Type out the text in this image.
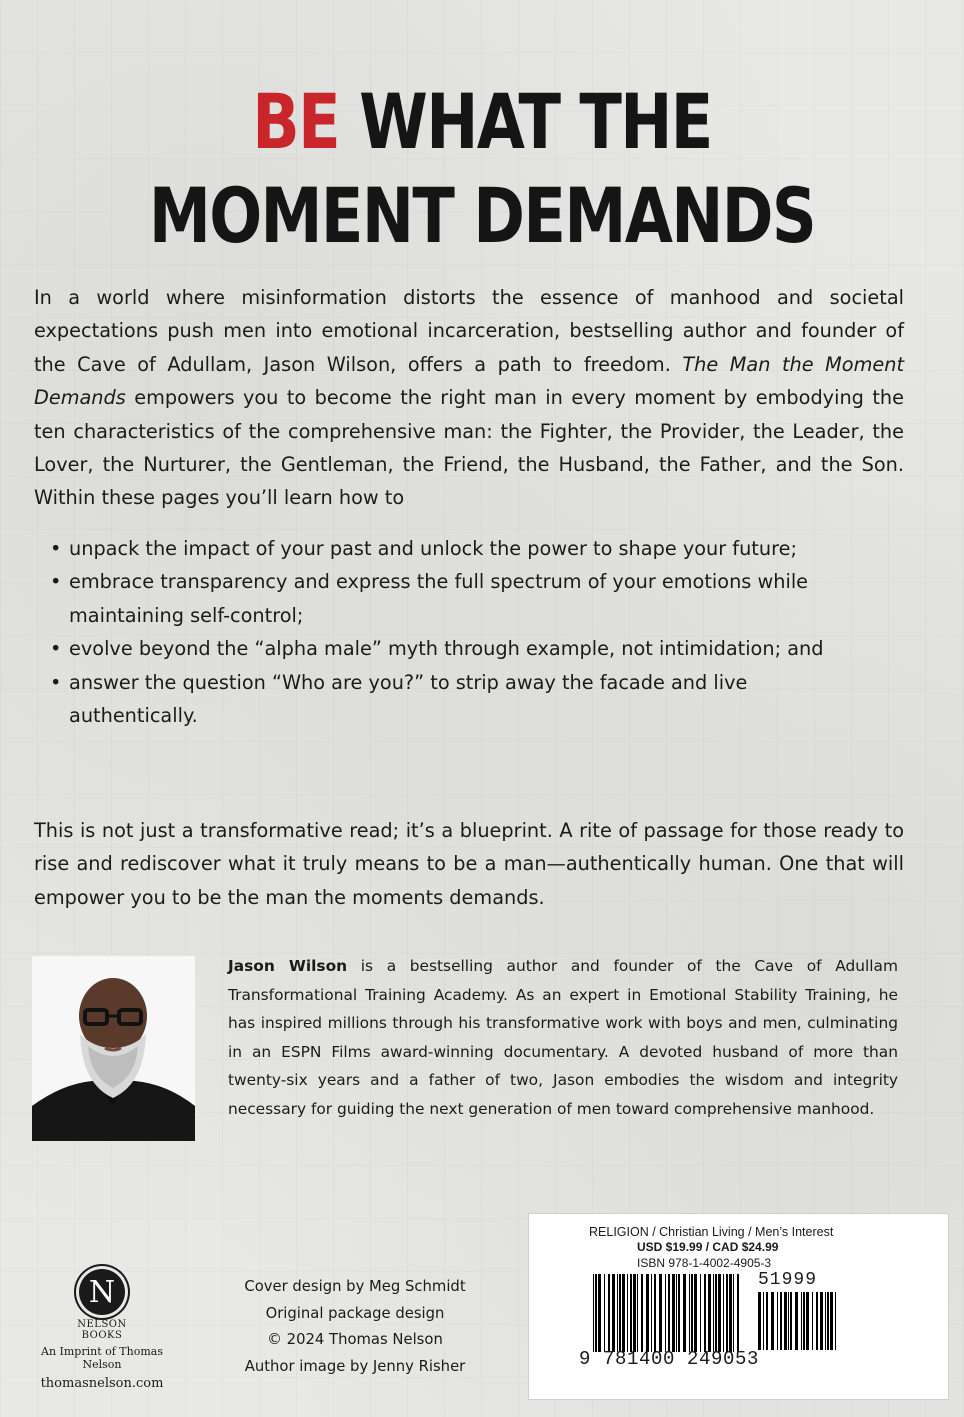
BE WHAT THE
MOMENT DEMANDS

In a world where misinformation distorts the essence of manhood and societal expectations push men into emotional incarceration, bestselling author and founder of the Cave of Adullam, Jason Wilson, offers a path to freedom. The Man the Moment Demands empowers you to become the right man in every moment by embodying the ten characteristics of the comprehensive man: the Fighter, the Provider, the Leader, the Lover, the Nurturer, the Gentleman, the Friend, the Husband, the Father, and the Son. Within these pages you’ll learn how to

• unpack the impact of your past and unlock the power to shape your future;
• embrace transparency and express the full spectrum of your emotions while maintaining self-control;
• evolve beyond the “alpha male” myth through example, not intimidation; and
• answer the question “Who are you?” to strip away the facade and live authentically.

This is not just a transformative read; it’s a blueprint. A rite of passage for those ready to rise and rediscover what it truly means to be a man—authentically human. One that will empower you to be the man the moments demands.

Jason Wilson is a bestselling author and founder of the Cave of Adullam Transformational Training Academy. As an expert in Emotional Stability Training, he has inspired millions through his transformative work with boys and men, culminating in an ESPN Films award-winning documentary. A devoted husband of more than twenty-six years and a father of two, Jason embodies the wisdom and integrity necessary for guiding the next generation of men toward comprehensive manhood.

N
NELSON
BOOKS
An Imprint of Thomas Nelson
thomasnelson.com
Cover design by Meg Schmidt
Original package design
© 2024 Thomas Nelson
Author image by Jenny Risher
RELIGION / Christian Living / Men’s Interest
USD $19.99 / CAD $24.99
ISBN 978-1-4002-4905-3
51999
9 781400 249053
